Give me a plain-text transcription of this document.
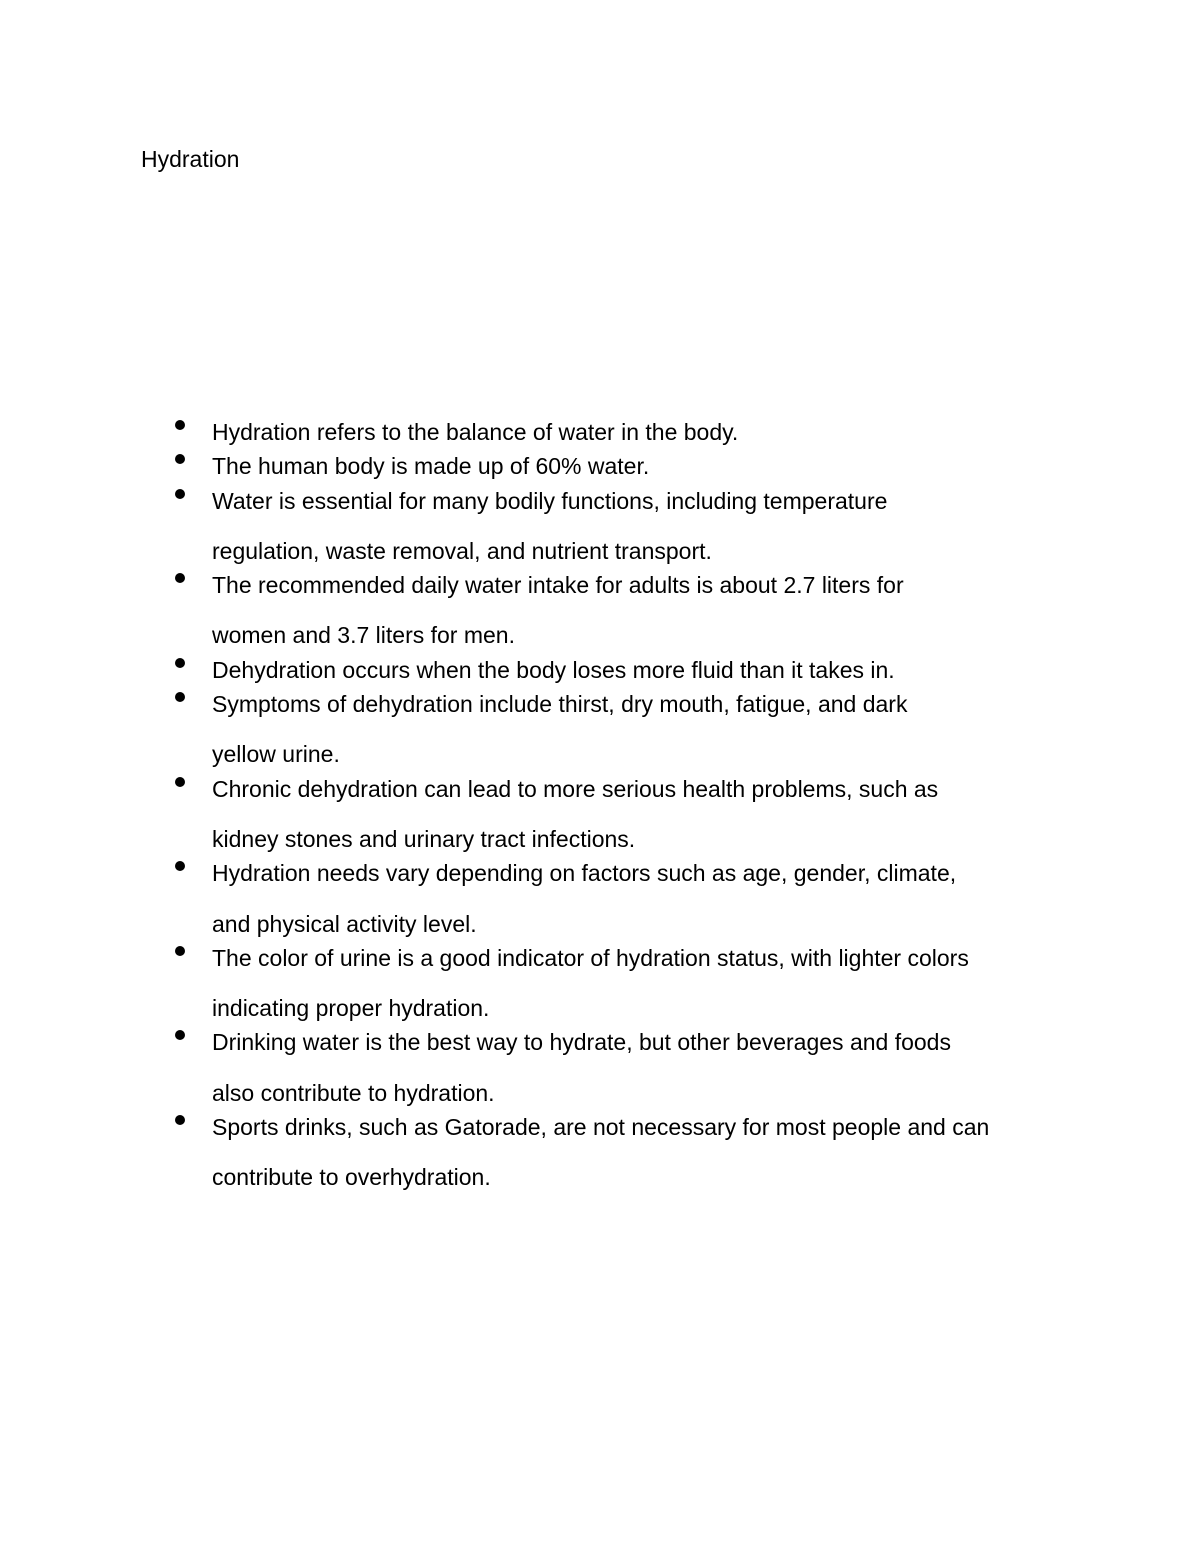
Hydration
Hydration refers to the balance of water in the body.
The human body is made up of 60% water.
Water is essential for many bodily functions, including temperature
regulation, waste removal, and nutrient transport.
The recommended daily water intake for adults is about 2.7 liters for
women and 3.7 liters for men.
Dehydration occurs when the body loses more fluid than it takes in.
Symptoms of dehydration include thirst, dry mouth, fatigue, and dark
yellow urine.
Chronic dehydration can lead to more serious health problems, such as
kidney stones and urinary tract infections.
Hydration needs vary depending on factors such as age, gender, climate,
and physical activity level.
The color of urine is a good indicator of hydration status, with lighter colors
indicating proper hydration.
Drinking water is the best way to hydrate, but other beverages and foods
also contribute to hydration.
Sports drinks, such as Gatorade, are not necessary for most people and can
contribute to overhydration.
